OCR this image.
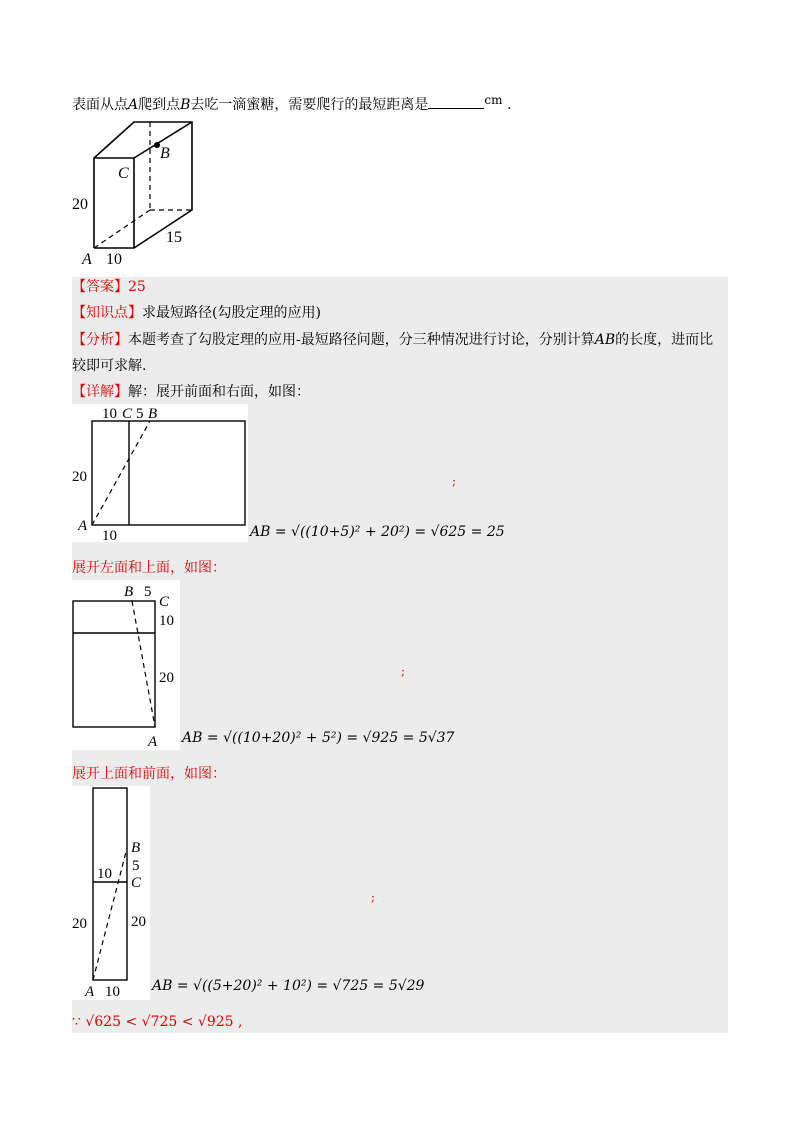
表面从点A爬到点B去吃一滴蜜糖，需要爬行的最短距离是	cm .
B
C
20
A 10
15
【答案】25
【知识点】求最短路径(勾股定理的应用)
【分析】本题考查了勾股定理的应用-最短路径问题，分三种情况进行讨论，分别计算AB的长度，进而比
较即可求解.
【详解】解：展开前面和右面，如图：
10 C 5 B
20
A
10	AB = √((10+5)² + 20²) = √625 = 25
;
展开左面和上面，如图：
B 5
C
10
20
A AB = √((10+20)² + 5²) = √925 = 5√37
;
展开上面和前面，如图：
B
5
C
10
20	20
A 10 AB = √((5+20)² + 10²) = √725 = 5√29
;
∵ √625 < √725 < √925 ,
